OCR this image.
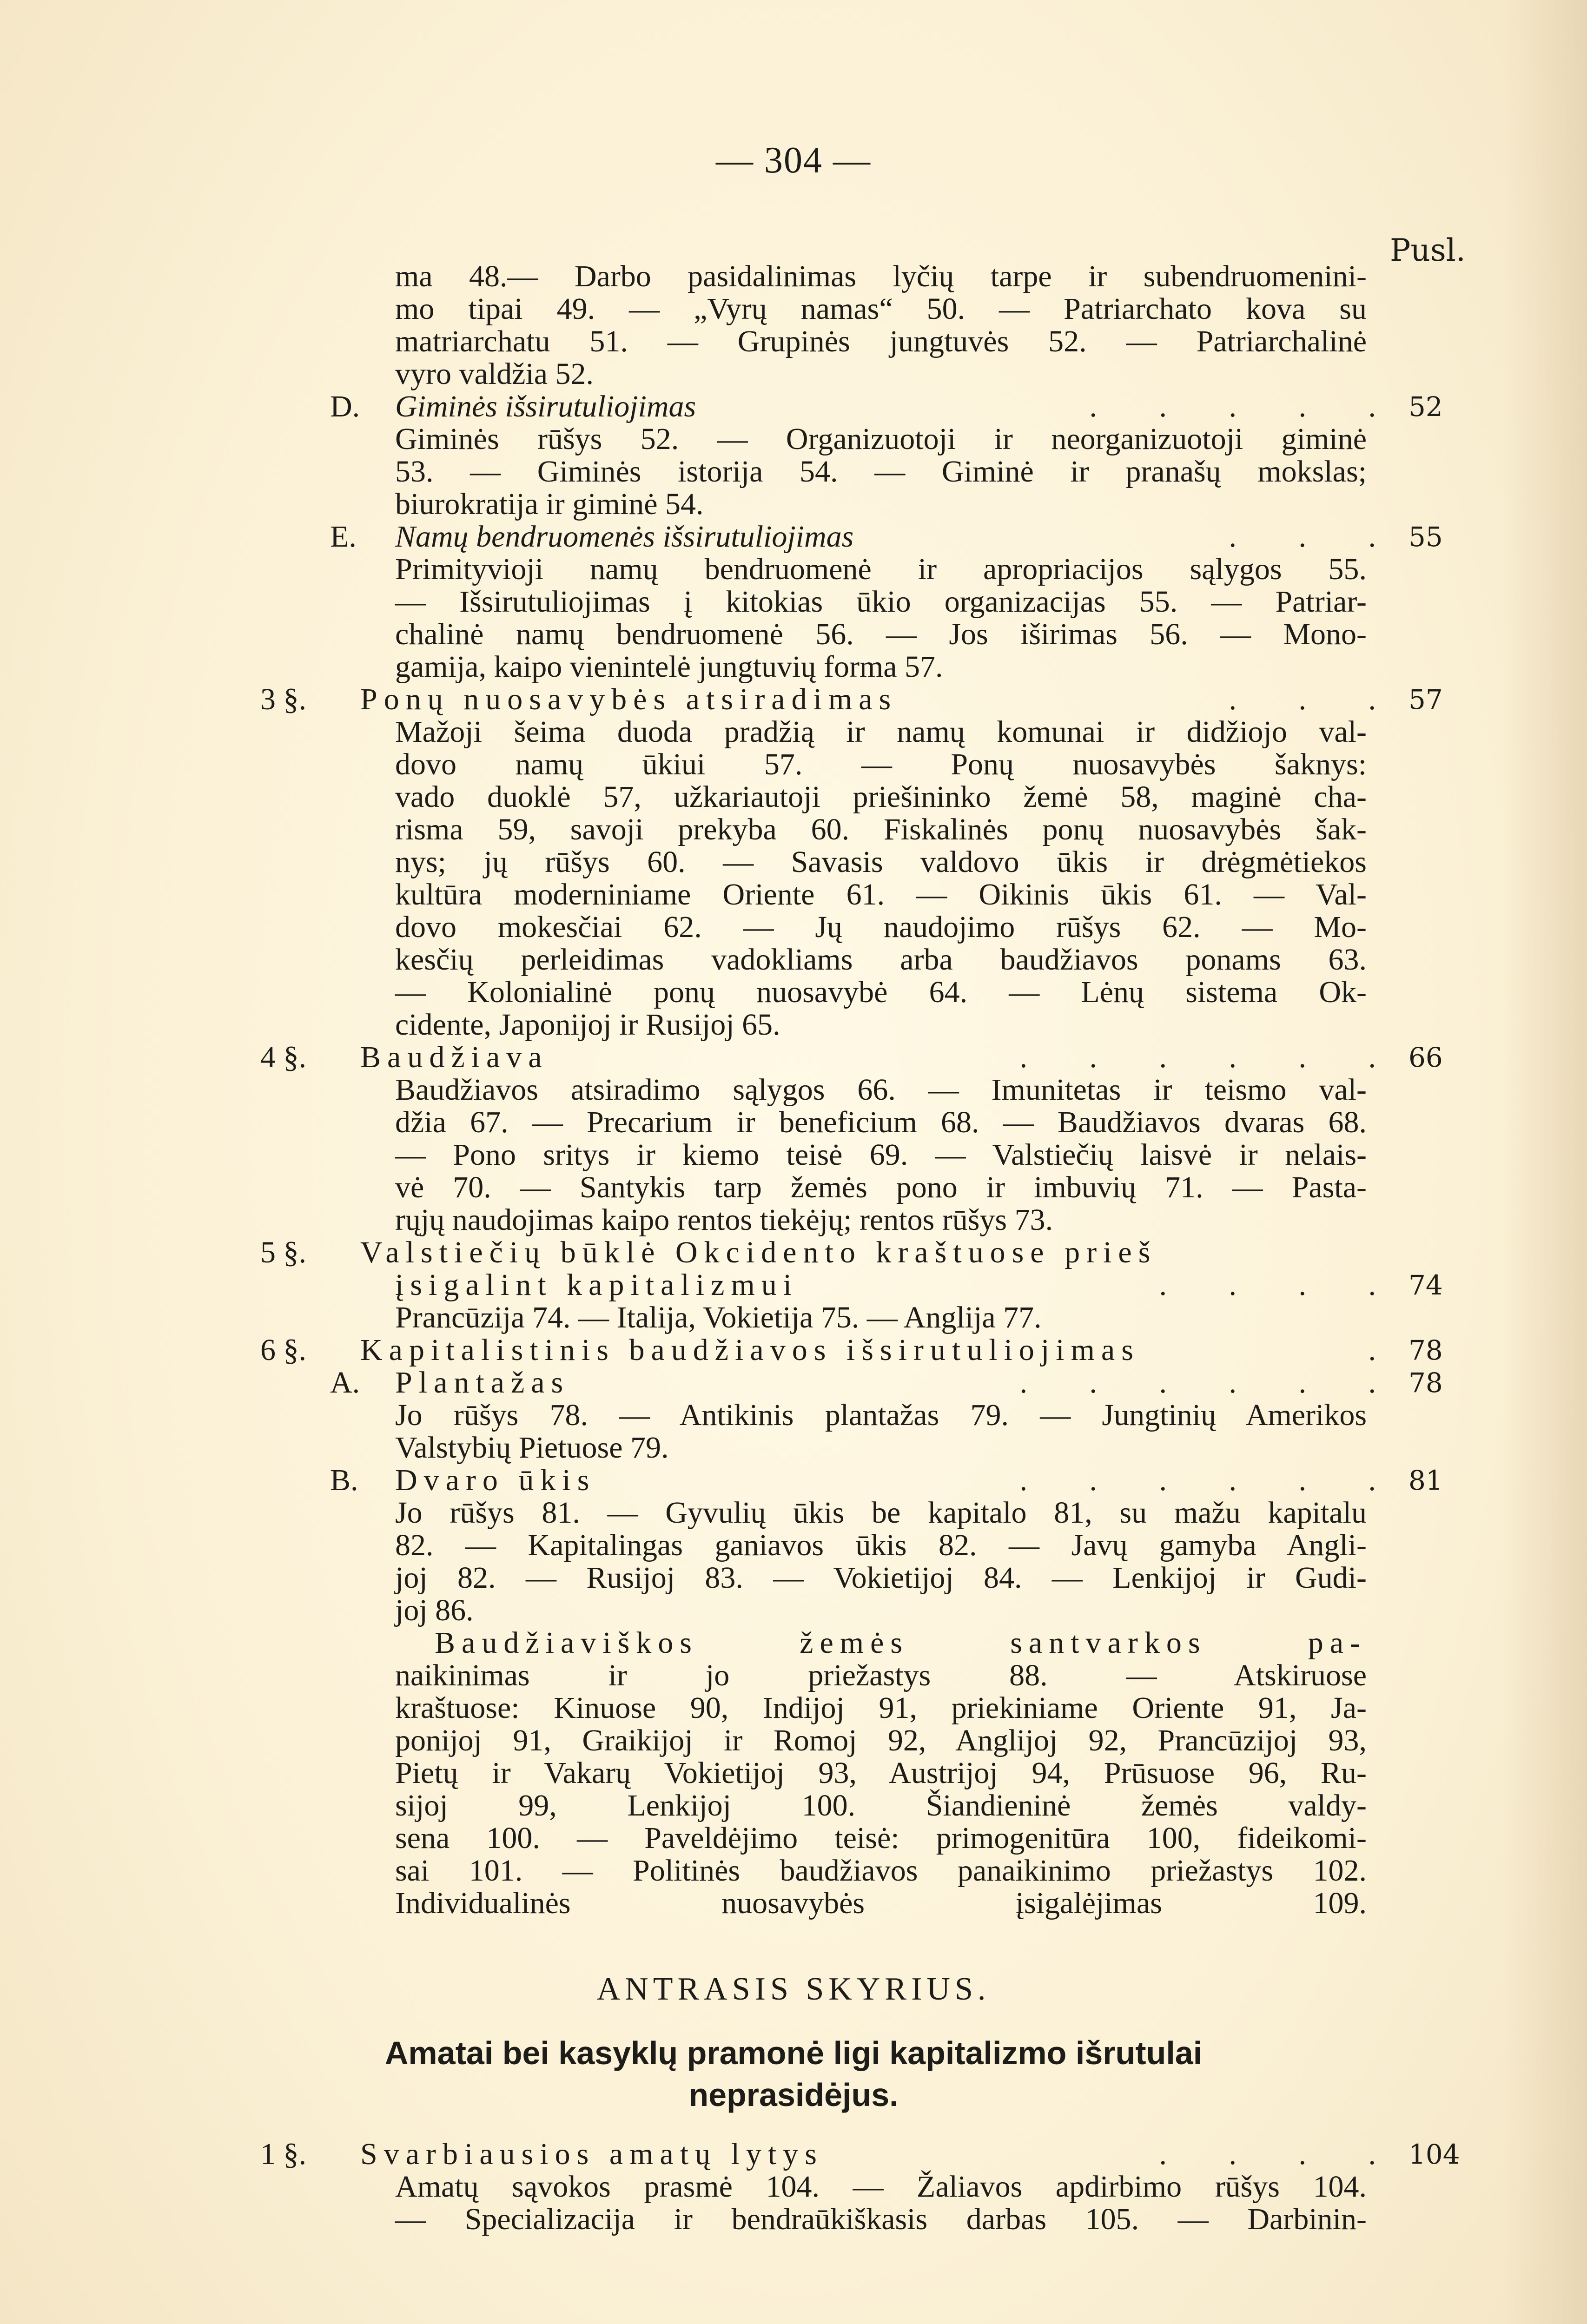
— 304 —
Pusl.
ma 48.— Darbo pasidalinimas lyčių tarpe ir subendruomenini-
mo tipai 49. — „Vyrų namas“ 50. — Patriarchato kova su
matriarchatu 51. — Grupinės jungtuvės 52. — Patriarchalinė
vyro valdžia 52.
D. Giminės išsirutuliojimas	. . . . . 52
Giminės rūšys 52. — Organizuotoji ir neorganizuotoji giminė
53. — Giminės istorija 54. — Giminė ir pranašų mokslas;
biurokratija ir giminė 54.
E. Namų bendruomenės išsirutuliojimas	. . . 55
Primityvioji namų bendruomenė ir apropriacijos sąlygos 55.
— Išsirutuliojimas į kitokias ūkio organizacijas 55. — Patriar-
chalinė namų bendruomenė 56. — Jos iširimas 56. — Mono-
gamija, kaipo vienintelė jungtuvių forma 57.
3 §. Ponų nuosavybės atsiradimas	. . . 57
Mažoji šeima duoda pradžią ir namų komunai ir didžiojo val-
dovo namų ūkiui 57. — Ponų nuosavybės šaknys:
vado duoklė 57, užkariautoji priešininko žemė 58, maginė cha-
risma 59, savoji prekyba 60. Fiskalinės ponų nuosavybės šak-
nys; jų rūšys 60. — Savasis valdovo ūkis ir drėgmėtiekos
kultūra moderniniame Oriente 61. — Oikinis ūkis 61. — Val-
dovo mokesčiai 62. — Jų naudojimo rūšys 62. — Mo-
kesčių perleidimas vadokliams arba baudžiavos ponams 63.
— Kolonialinė ponų nuosavybė 64. — Lėnų sistema Ok-
cidente, Japonijoj ir Rusijoj 65.
4 §. Baudžiava	. . . . . . 66
Baudžiavos atsiradimo sąlygos 66. — Imunitetas ir teismo val-
džia 67. — Precarium ir beneficium 68. — Baudžiavos dvaras 68.
— Pono sritys ir kiemo teisė 69. — Valstiečių laisvė ir nelais-
vė 70. — Santykis tarp žemės pono ir imbuvių 71. — Pasta-
rųjų naudojimas kaipo rentos tiekėjų; rentos rūšys 73.
5 §. Valstiečių būklė Okcidento kraštuose prieš
įsigalint kapitalizmui	. . . . 74
Prancūzija 74. — Italija, Vokietija 75. — Anglija 77.
6 §. Kapitalistinis baudžiavos išsirutuliojimas	. 78
A. Plantažas	. . . . . . 78
Jo rūšys 78. — Antikinis plantažas 79. — Jungtinių Amerikos
Valstybių Pietuose 79.
B. Dvaro ūkis	. . . . . . 81
Jo rūšys 81. — Gyvulių ūkis be kapitalo 81, su mažu kapitalu
82. — Kapitalingas ganiavos ūkis 82. — Javų gamyba Angli-
joj 82. — Rusijoj 83. — Vokietijoj 84. — Lenkijoj ir Gudi-
joj 86.
Baudžiaviškos žemės santvarkos pa-
naikinimas ir jo priežastys 88. — Atskiruose
kraštuose: Kinuose 90, Indijoj 91, priekiniame Oriente 91, Ja-
ponijoj 91, Graikijoj ir Romoj 92, Anglijoj 92, Prancūzijoj 93,
Pietų ir Vakarų Vokietijoj 93, Austrijoj 94, Prūsuose 96, Ru-
sijoj 99, Lenkijoj 100. Šiandieninė žemės valdy-
sena 100. — Paveldėjimo teisė: primogenitūra 100, fideikomi-
sai 101. — Politinės baudžiavos panaikinimo priežastys 102.
Individualinės nuosavybės įsigalėjimas 109.
ANTRASIS SKYRIUS.
Amatai bei kasyklų pramonė ligi kapitalizmo išrutulai
neprasidėjus.
1 §. Svarbiausios amatų lytys	. . . . 104
Amatų sąvokos prasmė 104. — Žaliavos apdirbimo rūšys 104.
— Specializacija ir bendraūkiškasis darbas 105. — Darbinin-
